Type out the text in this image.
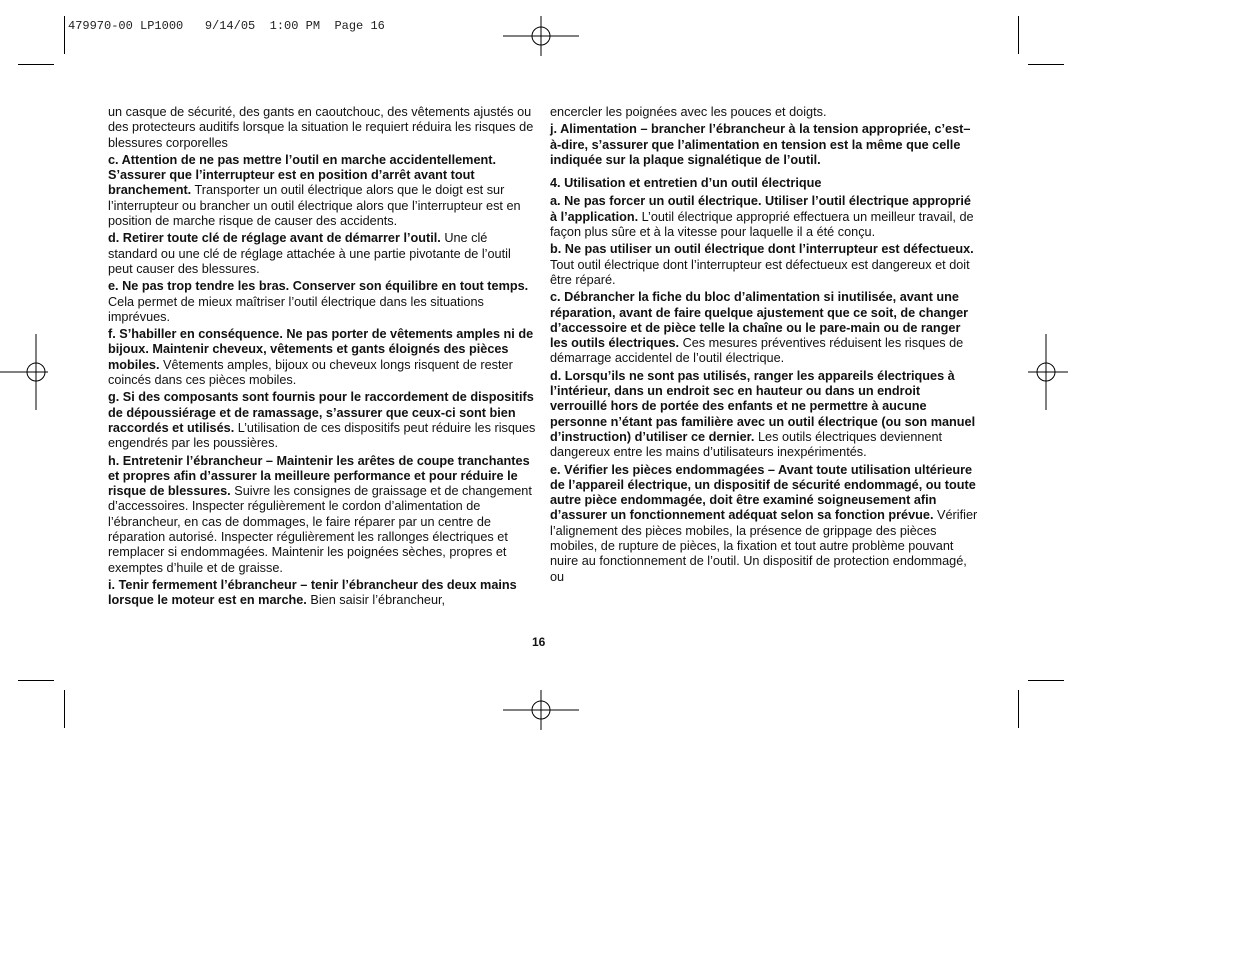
479970-00 LP1000   9/14/05  1:00 PM  Page 16

un casque de sécurité, des gants en caoutchouc, des vêtements ajustés ou des protecteurs auditifs lorsque la situation le requiert réduira les risques de blessures corporelles

c. Attention de ne pas mettre l’outil en marche accidentellement. S’assurer que l’interrupteur est en position d’arrêt avant tout branchement. Transporter un outil électrique alors que le doigt est sur l’interrupteur ou brancher un outil électrique alors que l’interrupteur est en position de marche risque de causer des accidents.

d. Retirer toute clé de réglage avant de démarrer l’outil. Une clé standard ou une clé de réglage attachée à une partie pivotante de l’outil peut causer des blessures.

e. Ne pas trop tendre les bras. Conserver son équilibre en tout temps. Cela permet de mieux maîtriser l’outil électrique dans les situations imprévues.

f. S’habiller en conséquence. Ne pas porter de vêtements amples ni de bijoux. Maintenir cheveux, vêtements et gants éloignés des pièces mobiles. Vêtements amples, bijoux ou cheveux longs risquent de rester coincés dans ces pièces mobiles.

g. Si des composants sont fournis pour le raccordement de dispositifs de dépoussiérage et de ramassage, s’assurer que ceux-ci sont bien raccordés et utilisés. L’utilisation de ces dispositifs peut réduire les risques engendrés par les poussières.

h. Entretenir l’ébrancheur – Maintenir les arêtes de coupe tranchantes et propres afin d’assurer la meilleure performance et pour réduire le risque de blessures. Suivre les consignes de graissage et de changement d’accessoires. Inspecter régulièrement le cordon d’alimentation de l’ébrancheur, en cas de dommages, le faire réparer par un centre de réparation autorisé. Inspecter régulièrement les rallonges électriques et remplacer si endommagées. Maintenir les poignées sèches, propres et exemptes d’huile et de graisse.

i. Tenir fermement l’ébrancheur – tenir l’ébrancheur des deux mains lorsque le moteur est en marche. Bien saisir l’ébrancheur,

encercler les poignées avec les pouces et doigts.

j. Alimentation – brancher l’ébrancheur à la tension appropriée, c’est–à-dire, s’assurer que l’alimentation en tension est la même que celle indiquée sur la plaque signalétique de l’outil.

4. Utilisation et entretien d’un outil électrique

a. Ne pas forcer un outil électrique. Utiliser l’outil électrique approprié à l’application. L’outil électrique approprié effectuera un meilleur travail, de façon plus sûre et à la vitesse pour laquelle il a été conçu.

b. Ne pas utiliser un outil électrique dont l’interrupteur est défectueux. Tout outil électrique dont l’interrupteur est défectueux est dangereux et doit être réparé.

c. Débrancher la fiche du bloc d’alimentation si inutilisée, avant une réparation, avant de faire quelque ajustement que ce soit, de changer d’accessoire et de pièce telle la chaîne ou le pare-main ou de ranger les outils électriques. Ces mesures préventives réduisent les risques de démarrage accidentel de l’outil électrique.

d. Lorsqu’ils ne sont pas utilisés, ranger les appareils électriques à l’intérieur, dans un endroit sec en hauteur ou dans un endroit verrouillé hors de portée des enfants et ne permettre à aucune personne n’étant pas familière avec un outil électrique (ou son manuel d’instruction) d’utiliser ce dernier. Les outils électriques deviennent dangereux entre les mains d’utilisateurs inexpérimentés.

e. Vérifier les pièces endommagées – Avant toute utilisation ultérieure de l’appareil électrique, un dispositif de sécurité endommagé, ou toute autre pièce endommagée, doit être examiné soigneusement afin d’assurer un fonctionnement adéquat selon sa fonction prévue. Vérifier l’alignement des pièces mobiles, la présence de grippage des pièces mobiles, de rupture de pièces, la fixation et tout autre problème pouvant nuire au fonctionnement de l’outil. Un dispositif de protection endommagé, ou

16
